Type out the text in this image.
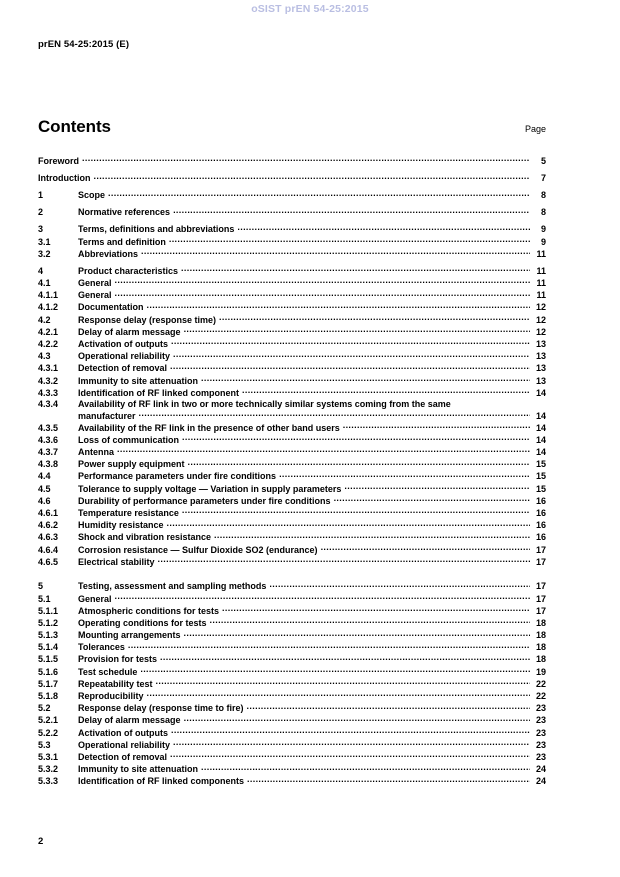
oSIST prEN 54-25:2015
prEN 54-25:2015 (E)
Contents	Page
Foreword .....	5
Introduction .....	7
1	Scope .....	8
2	Normative references .....	8
3	Terms, definitions and abbreviations .....	9
3.1	Terms and definition .....	9
3.2	Abbreviations .....	11
4	Product characteristics .....	11
4.1	General .....	11
4.1.1	General .....	11
4.1.2	Documentation .....	12
4.2	Response delay (response time) .....	12
4.2.1	Delay of alarm message .....	12
4.2.2	Activation of outputs .....	13
4.3	Operational reliability .....	13
4.3.1	Detection of removal .....	13
4.3.2	Immunity to site attenuation .....	13
4.3.3	Identification of RF linked component .....	14
4.3.4	Availability of RF link in two or more technically similar systems coming from the same

manufacturer .....	14
4.3.5	Availability of the RF link in the presence of other band users .....	14
4.3.6	Loss of communication .....	14
4.3.7	Antenna .....	14
4.3.8	Power supply equipment .....	15
4.4	Performance parameters under fire conditions .....	15
4.5	Tolerance to supply voltage — Variation in supply parameters .....	15
4.6	Durability of performance parameters under fire conditions .....	16
4.6.1	Temperature resistance .....	16
4.6.2	Humidity resistance .....	16
4.6.3	Shock and vibration resistance .....	16
4.6.4	Corrosion resistance — Sulfur Dioxide SO2 (endurance) .....	17
4.6.5	Electrical stability .....	17
5	Testing, assessment and sampling methods .....	17
5.1	General .....	17
5.1.1	Atmospheric conditions for tests .....	17
5.1.2	Operating conditions for tests .....	18
5.1.3	Mounting arrangements .....	18
5.1.4	Tolerances .....	18
5.1.5	Provision for tests .....	18
5.1.6	Test schedule .....	19
5.1.7	Repeatability test .....	22
5.1.8	Reproducibility .....	22
5.2	Response delay (response time to fire) .....	23
5.2.1	Delay of alarm message .....	23
5.2.2	Activation of outputs .....	23
5.3	Operational reliability .....	23
5.3.1	Detection of removal .....	23
5.3.2	Immunity to site attenuation .....	24
5.3.3	Identification of RF linked components .....	24
2
